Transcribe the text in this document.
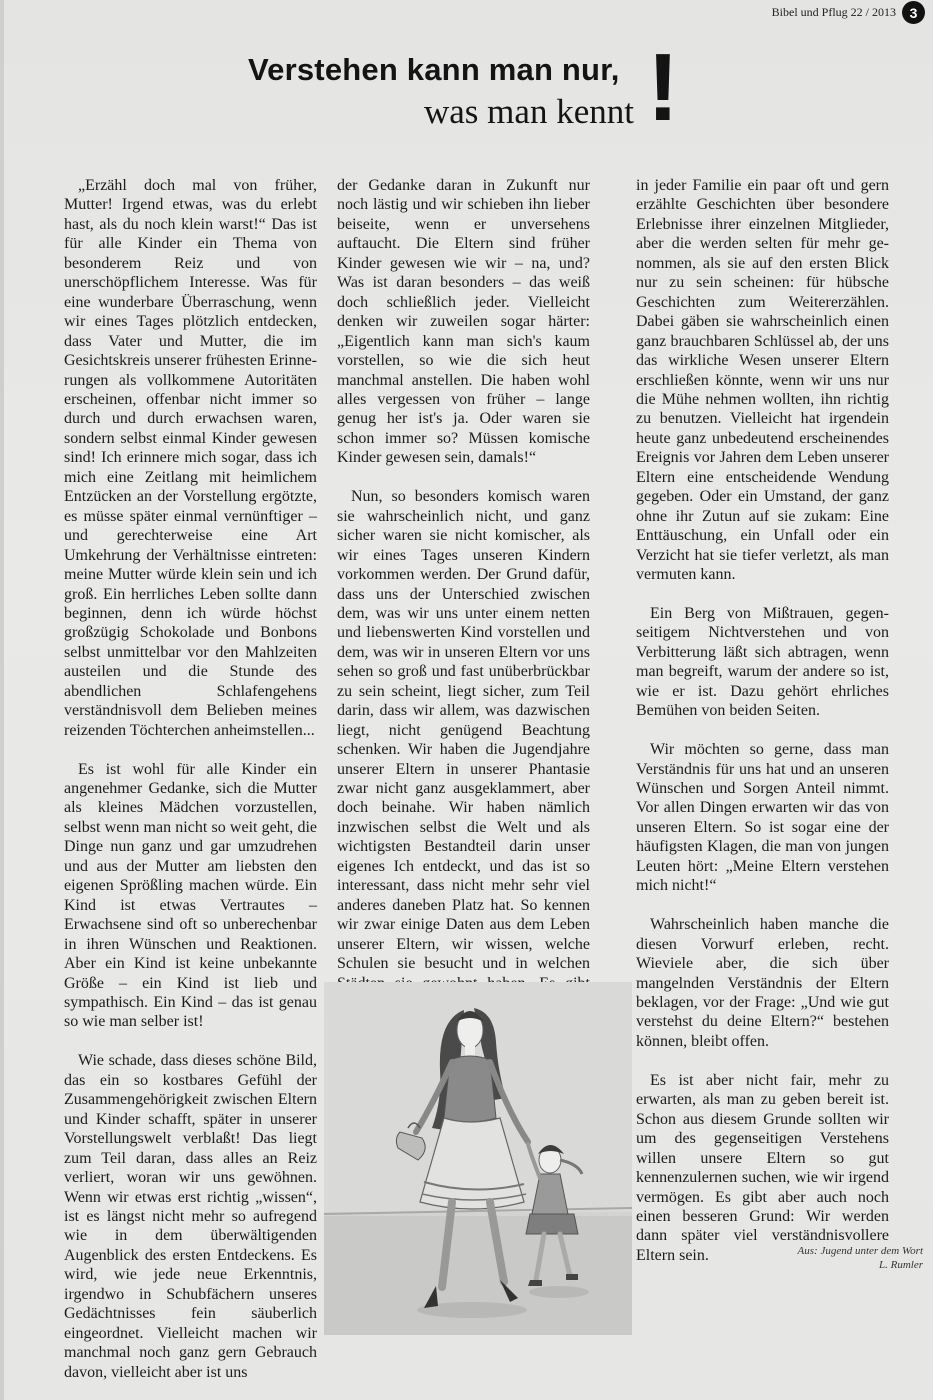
Bibel und Pflug 22 / 2013 3
Verstehen kann man nur,
was man kennt !

„Erzähl doch mal von früher, Mutter! Irgend etwas, was du erlebt hast, als du noch klein warst!“ Das ist für alle Kinder ein Thema von besonderem Reiz und von unerschöpflichem Interesse. Was für eine wunderbare Überraschung, wenn wir eines Tages plötzlich entdecken, dass Vater und Mutter, die im Gesichtskreis unserer frühesten Erinnerungen als vollkommene Autoritäten erscheinen, offenbar nicht immer so durch und durch erwachsen waren, sondern selbst einmal Kinder gewesen sind! Ich erinnere mich sogar, dass ich mich eine Zeitlang mit heimlichem Entzücken an der Vorstellung ergötzte, es müsse später einmal vernünftiger – und gerechterweise eine Art Umkehrung der Verhältnisse eintreten: meine Mutter würde klein sein und ich groß. Ein herrliches Leben sollte dann beginnen, denn ich würde höchst großzügig Schokolade und Bonbons selbst unmittelbar vor den Mahlzeiten austeilen und die Stunde des abendlichen Schlafengehens verständnisvoll dem Belieben meines reizenden Töchterchen anheimstellen...

Es ist wohl für alle Kinder ein angenehmer Gedanke, sich die Mutter als kleines Mädchen vorzustellen, selbst wenn man nicht so weit geht, die Dinge nun ganz und gar umzudrehen und aus der Mutter am liebsten den eigenen Sprößling machen würde. Ein Kind ist etwas Vertrautes – Erwachsene sind oft so unberechenbar in ihren Wünschen und Reaktionen. Aber ein Kind ist keine unbekannte Größe – ein Kind ist lieb und sympathisch. Ein Kind – das ist genau so wie man selber ist!

Wie schade, dass dieses schöne Bild, das ein so kostbares Gefühl der Zusammengehörigkeit zwischen Eltern und Kinder schafft, später in unserer Vorstellungswelt verblaßt! Das liegt zum Teil daran, dass alles an Reiz verliert, woran wir uns gewöhnen. Wenn wir etwas erst richtig „wissen“, ist es längst nicht mehr so aufregend wie in dem überwältigenden Augenblick des ersten Entdeckens. Es wird, wie jede neue Erkenntnis, irgendwo in Schubfächern unseres Gedächtnisses fein säuberlich eingeordnet. Vielleicht machen wir manchmal noch ganz gern Gebrauch davon, vielleicht aber ist uns

der Gedanke daran in Zukunft nur noch lästig und wir schieben ihn lieber beiseite, wenn er unversehens auftaucht. Die Eltern sind früher Kinder gewesen wie wir – na, und? Was ist daran besonders – das weiß doch schließlich jeder. Vielleicht denken wir zuweilen sogar härter: „Eigentlich kann man sich's kaum vorstellen, so wie die sich heut manchmal anstellen. Die haben wohl alles vergessen von früher – lange genug her ist's ja. Oder waren sie schon immer so? Müssen komische Kinder gewesen sein, damals!“

Nun, so besonders komisch waren sie wahrscheinlich nicht, und ganz sicher waren sie nicht komischer, als wir eines Tages unseren Kindern vorkommen werden. Der Grund dafür, dass uns der Unterschied zwischen dem, was wir uns unter einem netten und liebenswerten Kind vorstellen und dem, was wir in unseren Eltern vor uns sehen so groß und fast unüberbrückbar zu sein scheint, liegt sicher, zum Teil darin, dass wir allem, was dazwischen liegt, nicht genügend Beachtung schenken. Wir haben die Jugendjahre unserer Eltern in unserer Phantasie zwar nicht ganz ausgeklammert, aber doch beinahe. Wir haben nämlich inzwischen selbst die Welt und als wichtigsten Bestandteil darin unser eigenes Ich entdeckt, und das ist so interessant, dass nicht mehr sehr viel anderes daneben Platz hat. So kennen wir zwar einige Daten aus dem Leben unserer Eltern, wir wissen, welche Schulen sie besucht und in welchen

in jeder Familie ein paar oft und gern erzählte Geschichten über besondere Erlebnisse ihrer einzelnen Mitglieder, aber die werden selten für mehr genommen, als sie auf den ersten Blick nur zu sein scheinen: für hübsche Geschichten zum Weitererzählen. Dabei gäben sie wahrscheinlich einen ganz brauchbaren Schlüssel ab, der uns das wirkliche Wesen unserer Eltern erschließen könnte, wenn wir uns nur die Mühe nehmen wollten, ihn richtig zu benutzen. Vielleicht hat irgendein heute ganz unbedeutend erscheinendes Ereignis vor Jahren dem Leben unserer Eltern eine entscheidende Wendung gegeben. Oder ein Umstand, der ganz ohne ihr Zutun auf sie zukam: Eine Enttäuschung, ein Unfall oder ein Verzicht hat sie tiefer verletzt, als man vermuten kann.

Ein Berg von Mißtrauen, gegenseitigem Nichtverstehen und von Verbitterung läßt sich abtragen, wenn man begreift, warum der andere so ist, wie er ist. Dazu gehört ehrliches Bemühen von beiden Seiten.

Wir möchten so gerne, dass man Verständnis für uns hat und an unseren Wünschen und Sorgen Anteil nimmt. Vor allen Dingen erwarten wir das von unseren Eltern. So ist sogar eine der häufigsten Klagen, die man von jungen Leuten hört: „Meine Eltern verstehen mich nicht!“

Wahrscheinlich haben manche die diesen Vorwurf erleben, recht. Wieviele aber, die sich über mangelnden Verständnis der Eltern beklagen, vor der Frage: „Und wie gut verstehst du deine Eltern?“ bestehen können, bleibt offen.

Es ist aber nicht fair, mehr zu erwarten, als man zu geben bereit ist. Schon aus diesem Grunde sollten wir um des gegenseitigen Verstehens willen unsere Eltern so gut kennenzulernen suchen, wie wir irgend vermögen. Es gibt aber auch noch einen besseren Grund: Wir werden dann später viel verständnisvollere Eltern sein.	Aus: Jugend unter dem Wort
L. Rumler
